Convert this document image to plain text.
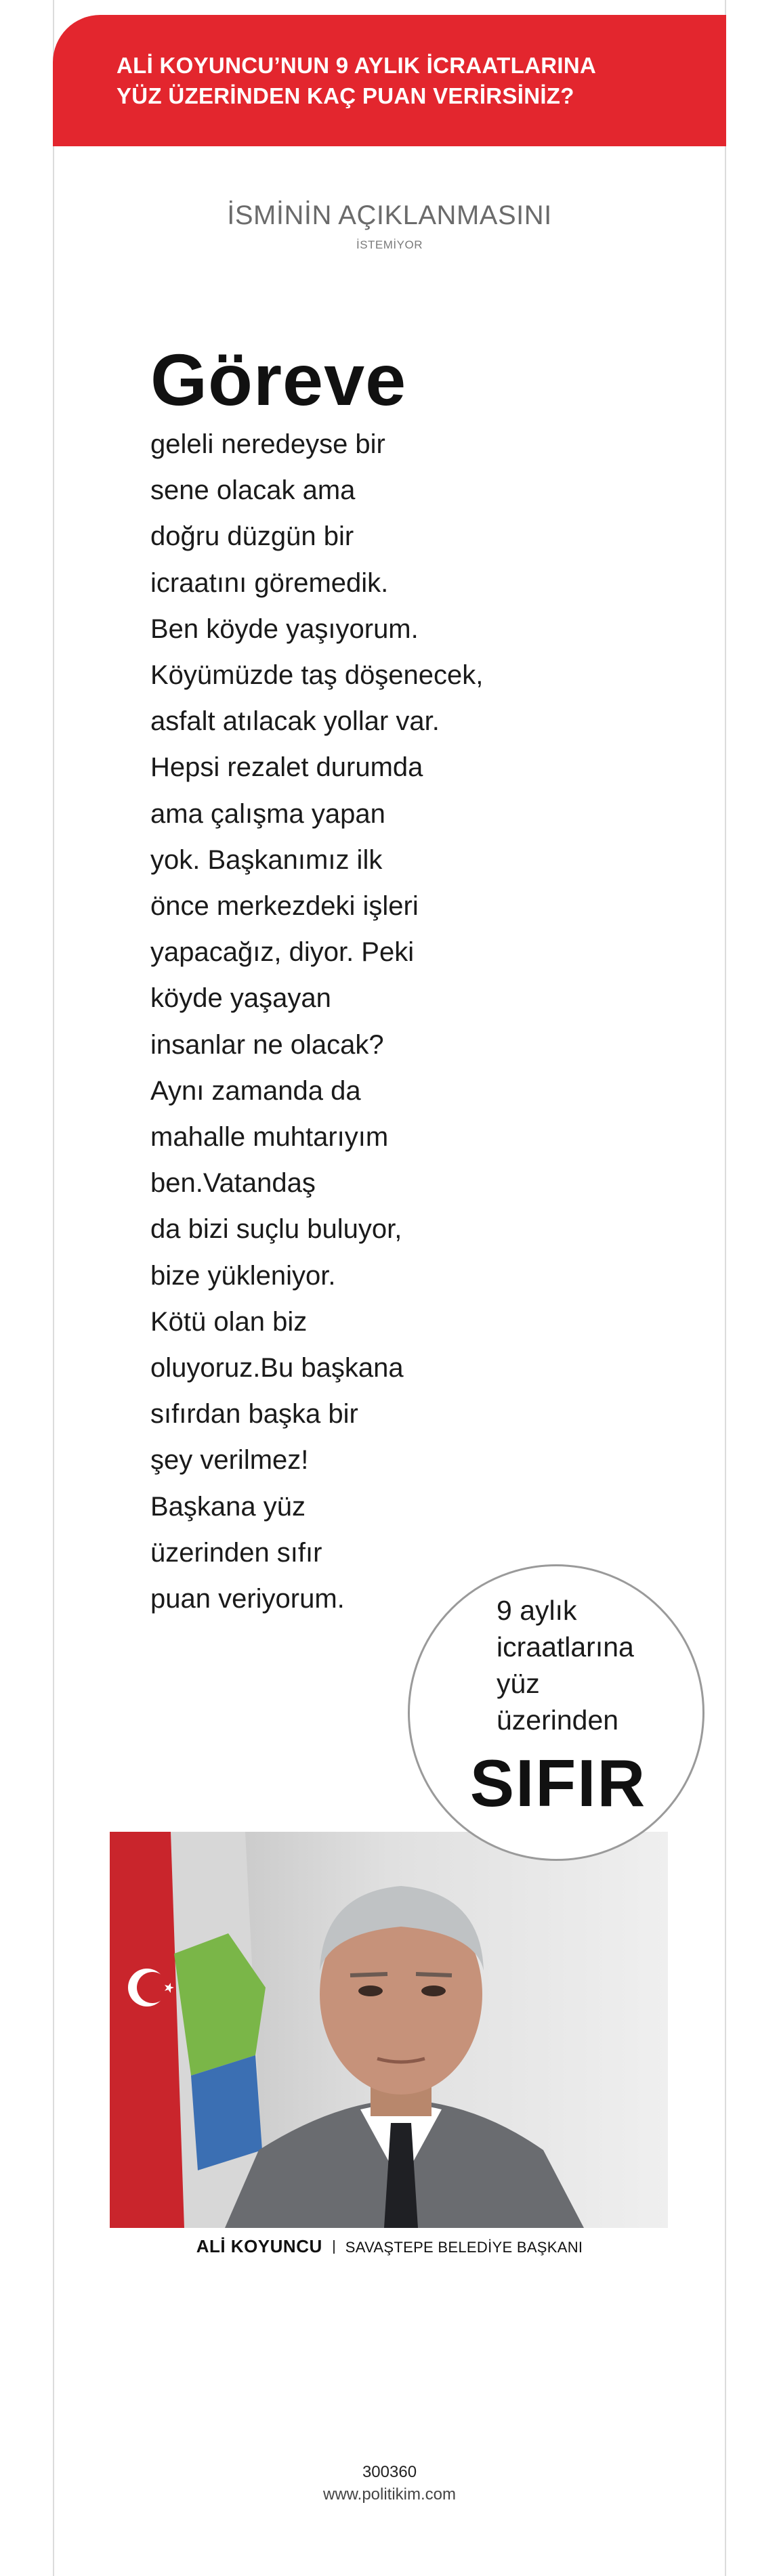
ALİ KOYUNCU’NUN 9 AYLIK İCRAATLARINA
YÜZ ÜZERİNDEN KAÇ PUAN VERİRSİNİZ?
İSMİNİN AÇIKLANMASINI
İSTEMİYOR
Göreve
geleli neredeyse bir
sene olacak ama
doğru düzgün bir
icraatını göremedik.
Ben köyde yaşıyorum.
Köyümüzde taş döşenecek,
asfalt atılacak yollar var.
Hepsi rezalet durumda
ama çalışma yapan
yok. Başkanımız ilk
önce merkezdeki işleri
yapacağız, diyor. Peki
köyde yaşayan
insanlar ne olacak?
Aynı zamanda da
mahalle muhtarıyım
ben.Vatandaş
da bizi suçlu buluyor,
bize yükleniyor.
Kötü olan biz
oluyoruz.Bu başkana
sıfırdan başka bir
şey verilmez!
Başkana yüz
üzerinden sıfır
puan veriyorum.	9 aylık
icraatlarına
yüz
üzerinden
SIFIR
ALİ KOYUNCU SAVAŞTEPE BELEDİYE BAŞKANI
300360
www.politikim.com
